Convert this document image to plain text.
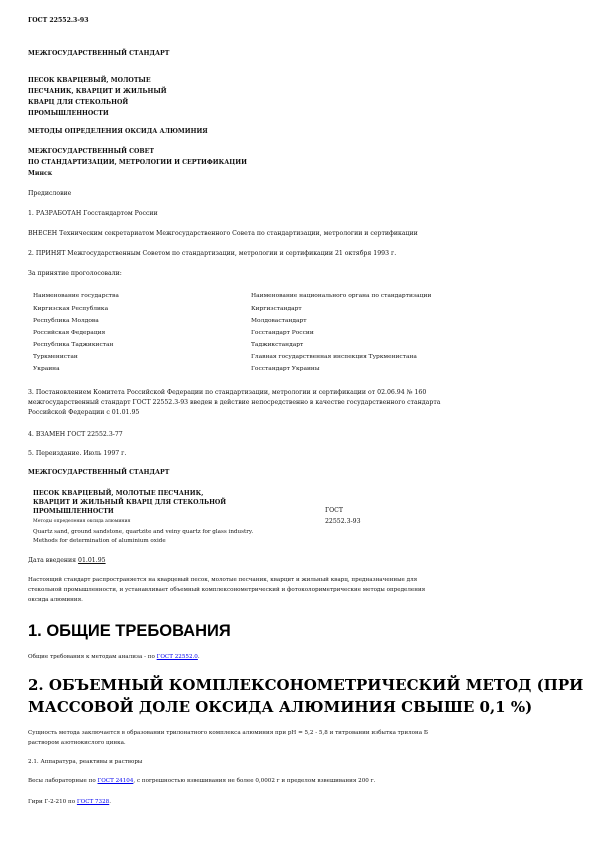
ГОСТ 22552.3-93
МЕЖГОСУДАРСТВЕННЫЙ СТАНДАРТ
ПЕСОК КВАРЦЕВЫЙ, МОЛОТЫЕ
ПЕСЧАНИК, КВАРЦИТ И ЖИЛЬНЫЙ
КВАРЦ ДЛЯ СТЕКОЛЬНОЙ
ПРОМЫШЛЕННОСТИ
МЕТОДЫ ОПРЕДЕЛЕНИЯ ОКСИДА АЛЮМИНИЯ
МЕЖГОСУДАРСТВЕННЫЙ СОВЕТ
ПО СТАНДАРТИЗАЦИИ, МЕТРОЛОГИИ И СЕРТИФИКАЦИИ
Минск
Предисловие
1. РАЗРАБОТАН Госстандартом России
ВНЕСЕН Техническим секретариатом Межгосударственного Совета по стандартизации, метрологии и сертификации
2. ПРИНЯТ Межгосударственным Советом по стандартизации, метрологии и сертификации 21 октября 1993 г.
За принятие проголосовали:
Наименование государства	Наименование национального органа по стандартизации
Киргизская Республика	Киргизстандарт
Республика Молдова	Молдовастандарт
Российская Федерация	Госстандарт России
Республика Таджикистан	Таджикстандарт
Туркменистан	Главная государственная инспекция Туркменистана
Украина	Госстандарт Украины
3. Постановлением Комитета Российской Федерации по стандартизации, метрологии и сертификации от 02.06.94 № 160
межгосударственный стандарт ГОСТ 22552.3-93 введен в действие непосредственно в качестве государственного стандарта
Российской Федерации с 01.01.95
4. ВЗАМЕН ГОСТ 22552.3-77
5. Переиздание. Июль 1997 г.
МЕЖГОСУДАРСТВЕННЫЙ СТАНДАРТ
ПЕСОК КВАРЦЕВЫЙ, МОЛОТЫЕ ПЕСЧАНИК,
КВАРЦИТ И ЖИЛЬНЫЙ КВАРЦ ДЛЯ СТЕКОЛЬНОЙ
ПРОМЫШЛЕННОСТИ	ГОСТ
22552.3-93
Методы определения оксида алюминия
Quartz sand, ground sandstone, quartzite and veiny quartz for glass industry.
Methods for determination of aluminium oxide
Дата введения 01.01.95
Настоящий стандарт распространяется на кварцевый песок, молотые песчаник, кварцит и жильный кварц, предназначенные для
стекольной промышленности, и устанавливает объемный комплексонометрический и фотоколориметрические методы определения
оксида алюминия.
1. ОБЩИЕ ТРЕБОВАНИЯ
Общие требования к методам анализа - по ГОСТ 22552.0.
2. ОБЪЕМНЫЙ КОМПЛЕКСОНОМЕТРИЧЕСКИЙ МЕТОД (ПРИ
МАССОВОЙ ДОЛЕ ОКСИДА АЛЮМИНИЯ СВЫШЕ 0,1 %)
Сущность метода заключается в образовании трилонатного комплекса алюминия при рН = 5,2 - 5,8 и титровании избытка трилона Б
раствором азотнокислого цинка.
2.1. Аппаратура, реактивы и растворы
Весы лабораторные по ГОСТ 24104, с погрешностью взвешивания не более 0,0002 г и пределом взвешивания 200 г.
Гири Г-2-210 по ГОСТ 7328.
